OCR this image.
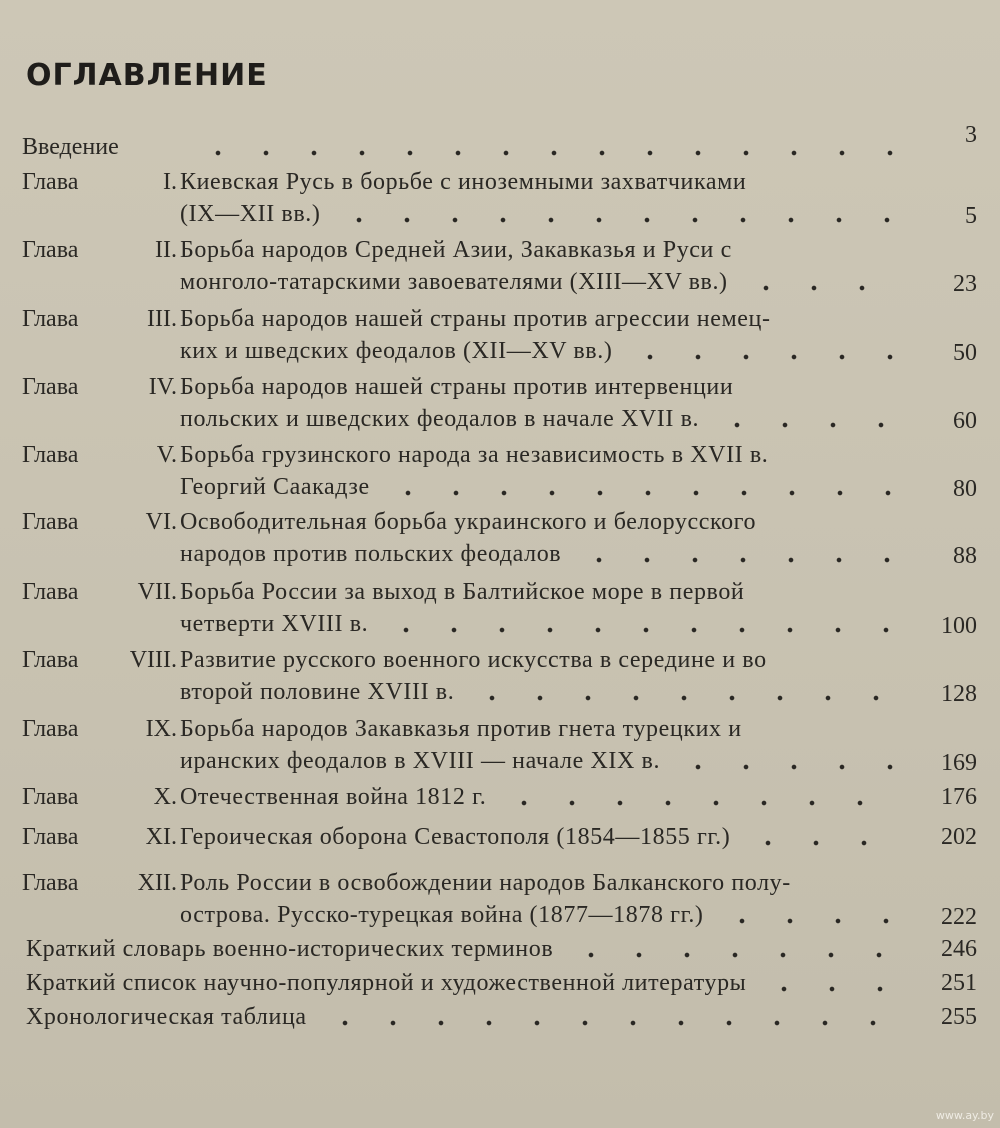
ОГЛАВЛЕНИЕ
Введение	3
Глава	I. Киевская Русь в борьбе с иноземными захватчиками
(IX—XII вв.)	5
Глава	II. Борьба народов Средней Азии, Закавказья и Руси с
монголо-татарскими завоевателями (XIII—XV вв.)	23
Глава	III. Борьба народов нашей страны против агрессии немец-
ких и шведских феодалов (XII—XV вв.)	50
Глава	IV. Борьба народов нашей страны против интервенции
польских и шведских феодалов в начале XVII в.	60
Глава	V. Борьба грузинского народа за независимость в XVII в.
Георгий Саакадзе	80
Глава	VI. Освободительная борьба украинского и белорусского
народов против польских феодалов	88
Глава VII. Борьба России за выход в Балтийское море в первой
четверти XVIII в.	100
Глава VIII. Развитие русского военного искусства в середине и во
второй половине XVIII в.	128
Глава	IX. Борьба народов Закавказья против гнета турецких и
иранских феодалов в XVIII — начале XIX в.	169
Глава	X. Отечественная война 1812 г.	176
Глава	XI. Героическая оборона Севастополя (1854—1855 гг.)	202
Глава XII. Роль России в освобождении народов Балканского полу-
острова. Русско-турецкая война (1877—1878 гг.)	222
Краткий словарь военно-исторических терминов	246
Краткий список научно-популярной и художественной литературы	251
Хронологическая таблица	255
www.ay.by
